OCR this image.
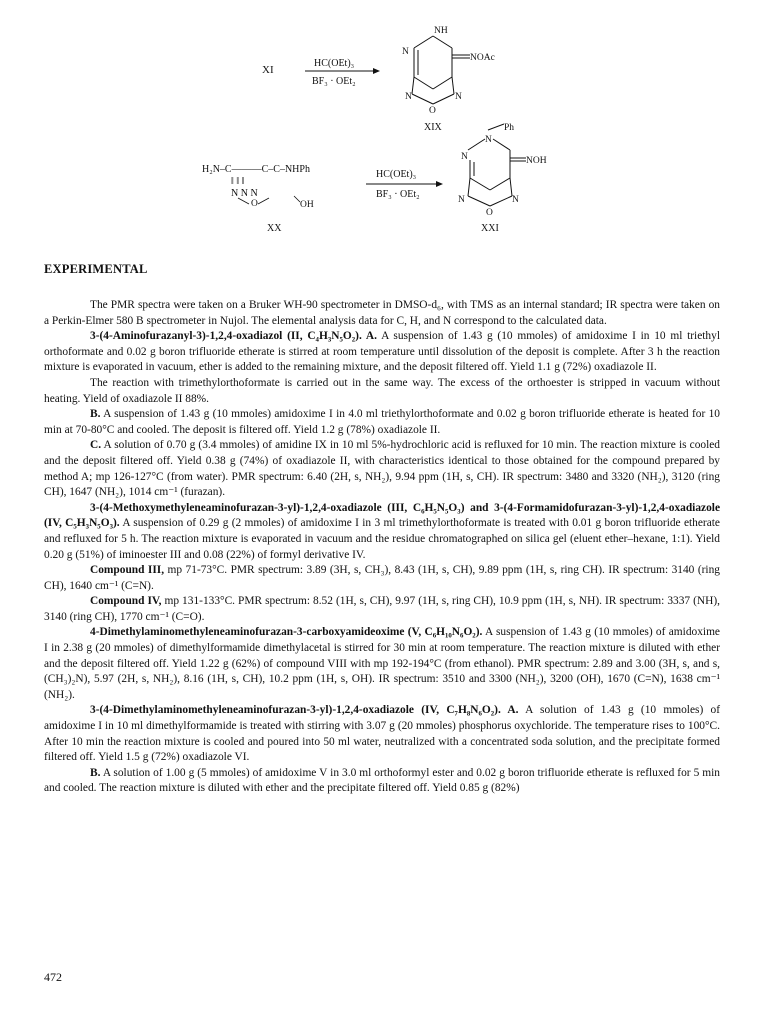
XI
HC(OEt)₃
BF₃ · OEt₂
NH
N
NOAc
N	N
O
XIX
H₂N–C———C–C–NHPh
‖ ‖ ‖
N N N
O	OH
XX
HC(OEt)₃
BF₃ · OEt₂
Ph
N
N	NOH
N	N
O
XXI
EXPERIMENTAL

The PMR spectra were taken on a Bruker WH-90 spectrometer in DMSO-d₆, with TMS as an internal standard; IR spectra were taken on a Perkin-Elmer 580 B spectrometer in Nujol. The elemental analysis data for C, H, and N correspond to the calculated data.

3-(4-Aminofurazanyl-3)-1,2,4-oxadiazol (II, C₄H₃N₅O₂). A. A suspension of 1.43 g (10 mmoles) of amidoxime I in 10 ml triethyl orthoformate and 0.02 g boron trifluoride etherate is stirred at room temperature until dissolution of the deposit is complete. After 3 h the reaction mixture is evaporated in vacuum, ether is added to the remaining mixture, and the deposit filtered off. Yield 1.1 g (72%) oxadiazole II.

The reaction with trimethylorthoformate is carried out in the same way. The excess of the orthoester is stripped in vacuum without heating. Yield of oxadiazole II 88%.

B. A suspension of 1.43 g (10 mmoles) amidoxime I in 4.0 ml triethylorthoformate and 0.02 g boron trifluoride etherate is heated for 10 min at 70-80°C and cooled. The deposit is filtered off. Yield 1.2 g (78%) oxadiazole II.

C. A solution of 0.70 g (3.4 mmoles) of amidine IX in 10 ml 5%-hydrochloric acid is refluxed for 10 min. The reaction mixture is cooled and the deposit filtered off. Yield 0.38 g (74%) of oxadiazole II, with characteristics identical to those obtained for the compound prepared by method A; mp 126-127°C (from water). PMR spectrum: 6.40 (2H, s, NH₂), 9.94 ppm (1H, s, CH). IR spectrum: 3480 and 3320 (NH₂), 3120 (ring CH), 1647 (NH₂), 1014 cm⁻¹ (furazan).

3-(4-Methoxymethyleneaminofurazan-3-yl)-1,2,4-oxadiazole (III, C₆H₅N₅O₃) and 3-(4-Formamidofurazan-3-yl)-1,2,4-oxadiazole (IV, C₅H₃N₅O₃). A suspension of 0.29 g (2 mmoles) of amidoxime I in 3 ml trimethylorthoformate is treated with 0.01 g boron trifluoride etherate and refluxed for 5 h. The reaction mixture is evaporated in vacuum and the residue chromatographed on silica gel (eluent ether–hexane, 1:1). Yield 0.20 g (51%) of iminoester III and 0.08 (22%) of formyl derivative IV.

Compound III, mp 71-73°C. PMR spectrum: 3.89 (3H, s, CH₃), 8.43 (1H, s, CH), 9.89 ppm (1H, s, ring CH). IR spectrum: 3140 (ring CH), 1640 cm⁻¹ (C=N).

Compound IV, mp 131-133°C. PMR spectrum: 8.52 (1H, s, CH), 9.97 (1H, s, ring CH), 10.9 ppm (1H, s, NH). IR spectrum: 3337 (NH), 3140 (ring CH), 1770 cm⁻¹ (C=O).

4-Dimethylaminomethyleneaminofurazan-3-carboxyamideoxime (V, C₆H₁₀N₆O₂). A suspension of 1.43 g (10 mmoles) of amidoxime I in 2.38 g (20 mmoles) of dimethylformamide dimethylacetal is stirred for 30 min at room temperature. The reaction mixture is diluted with ether and the deposit filtered off. Yield 1.22 g (62%) of compound VIII with mp 192-194°C (from ethanol). PMR spectrum: 2.89 and 3.00 (3H, s, and s, (CH₃)₂N), 5.97 (2H, s, NH₂), 8.16 (1H, s, CH), 10.2 ppm (1H, s, OH). IR spectrum: 3510 and 3300 (NH₂), 3200 (OH), 1670 (C=N), 1638 cm⁻¹ (NH₂).

3-(4-Dimethylaminomethyleneaminofurazan-3-yl)-1,2,4-oxadiazole (IV, C₇H₈N₆O₂). A. A solution of 1.43 g (10 mmoles) of amidoxime I in 10 ml dimethylformamide is treated with stirring with 3.07 g (20 mmoles) phosphorus oxychloride. The temperature rises to 100°C. After 10 min the reaction mixture is cooled and poured into 50 ml water, neutralized with a concentrated soda solution, and the precipitate formed filtered off. Yield 1.5 g (72%) oxadiazole VI.

B. A solution of 1.00 g (5 mmoles) of amidoxime V in 3.0 ml orthoformyl ester and 0.02 g boron trifluoride etherate is refluxed for 5 min and cooled. The reaction mixture is diluted with ether and the precipitate filtered off. Yield 0.85 g (82%)

472
